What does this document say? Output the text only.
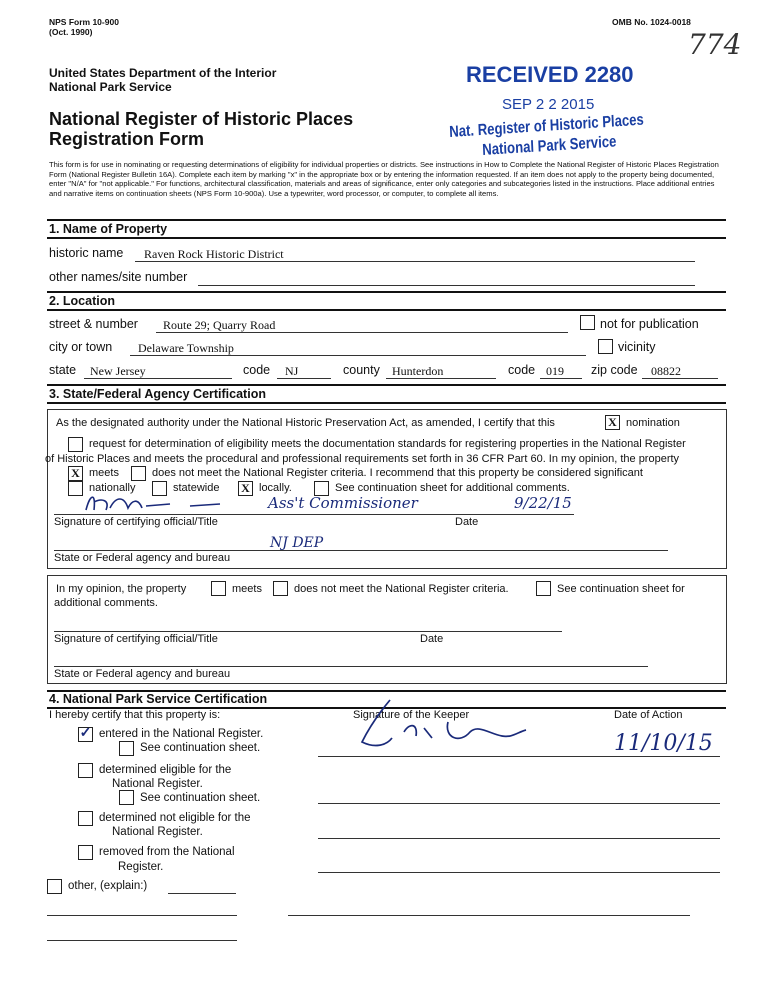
NPS Form 10-900
(Oct. 1990)
OMB No. 1024-0018
774
United States Department of the Interior
National Park Service
National Register of Historic Places
Registration Form
RECEIVED 2280
SEP 2 2 2015
Nat. Register of Historic Places
National Park Service
This form is for use in nominating or requesting determinations of eligibility for individual properties or districts. See instructions in How to Complete the National Register of Historic Places Registration Form (National Register Bulletin 16A). Complete each item by marking "x" in the appropriate box or by entering the information requested. If an item does not apply to the property being documented, enter "N/A" for "not applicable." For functions, architectural classification, materials and areas of significance, enter only categories and subcategories listed in the instructions. Place additional entries and narrative items on continuation sheets (NPS Form 10-900a). Use a typewriter, word processor, or computer, to complete all items.
1. Name of Property
historic name Raven Rock Historic District
other names/site number
2. Location
street & number Route 29; Quarry Road	not for publication
city or town Delaware Township	vicinity
state New Jersey	code NJ	county Hunterdon	code 019 zip code 08822
3. State/Federal Agency Certification
As the designated authority under the National Historic Preservation Act, as amended, I certify that this	X nomination
request for determination of eligibility meets the documentation standards for registering properties in the National Register
of Historic Places and meets the procedural and professional requirements set forth in 36 CFR Part 60. In my opinion, the property
X meets	does not meet the National Register criteria. I recommend that this property be considered significant
nationally	statewide X locally.	See continuation sheet for additional comments.
Ass't Commissioner	9/22/15
Signature of certifying official/Title	Date
NJ DEP
State or Federal agency and bureau
In my opinion, the property	meets	does not meet the National Register criteria.	See continuation sheet for
additional comments.
Signature of certifying official/Title	Date
State or Federal agency and bureau
4. National Park Service Certification
I hereby certify that this property is:	Signature of the Keeper	Date of Action
11/10/15
✓ entered in the National Register.
See continuation sheet.
determined eligible for the
National Register.
See continuation sheet.
determined not eligible for the
National Register.
removed from the National
Register.
other, (explain:)
